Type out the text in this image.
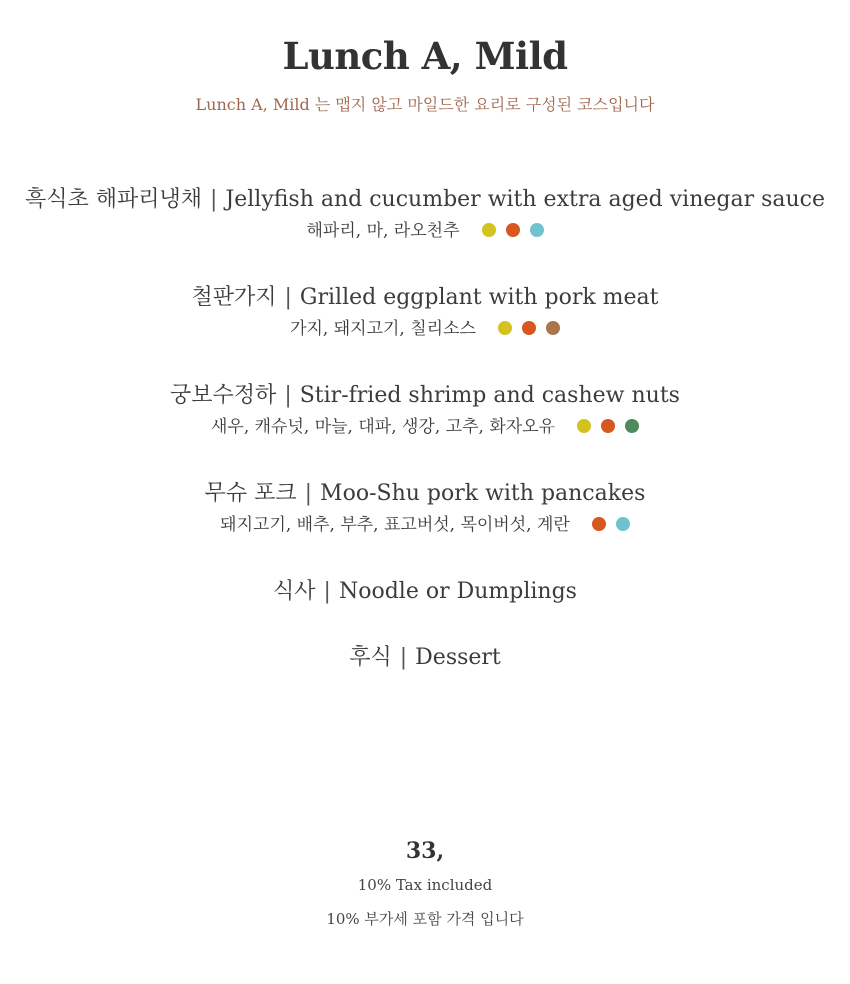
Lunch A, Mild
Lunch A, Mild 는 맵지 않고 마일드한 요리로 구성된 코스입니다
흑식초 해파리냉채 | Jellyfish and cucumber with extra aged vinegar sauce
해파리, 마, 라오천추
철판가지 | Grilled eggplant with pork meat
가지, 돼지고기, 칠리소스
궁보수정하 | Stir-fried shrimp and cashew nuts
새우, 캐슈넛, 마늘, 대파, 생강, 고추, 화자오유
무슈 포크 | Moo-Shu pork with pancakes
돼지고기, 배추, 부추, 표고버섯, 목이버섯, 계란
식사 | Noodle or Dumplings
후식 | Dessert
33,
10% Tax included
10% 부가세 포함 가격 입니다
